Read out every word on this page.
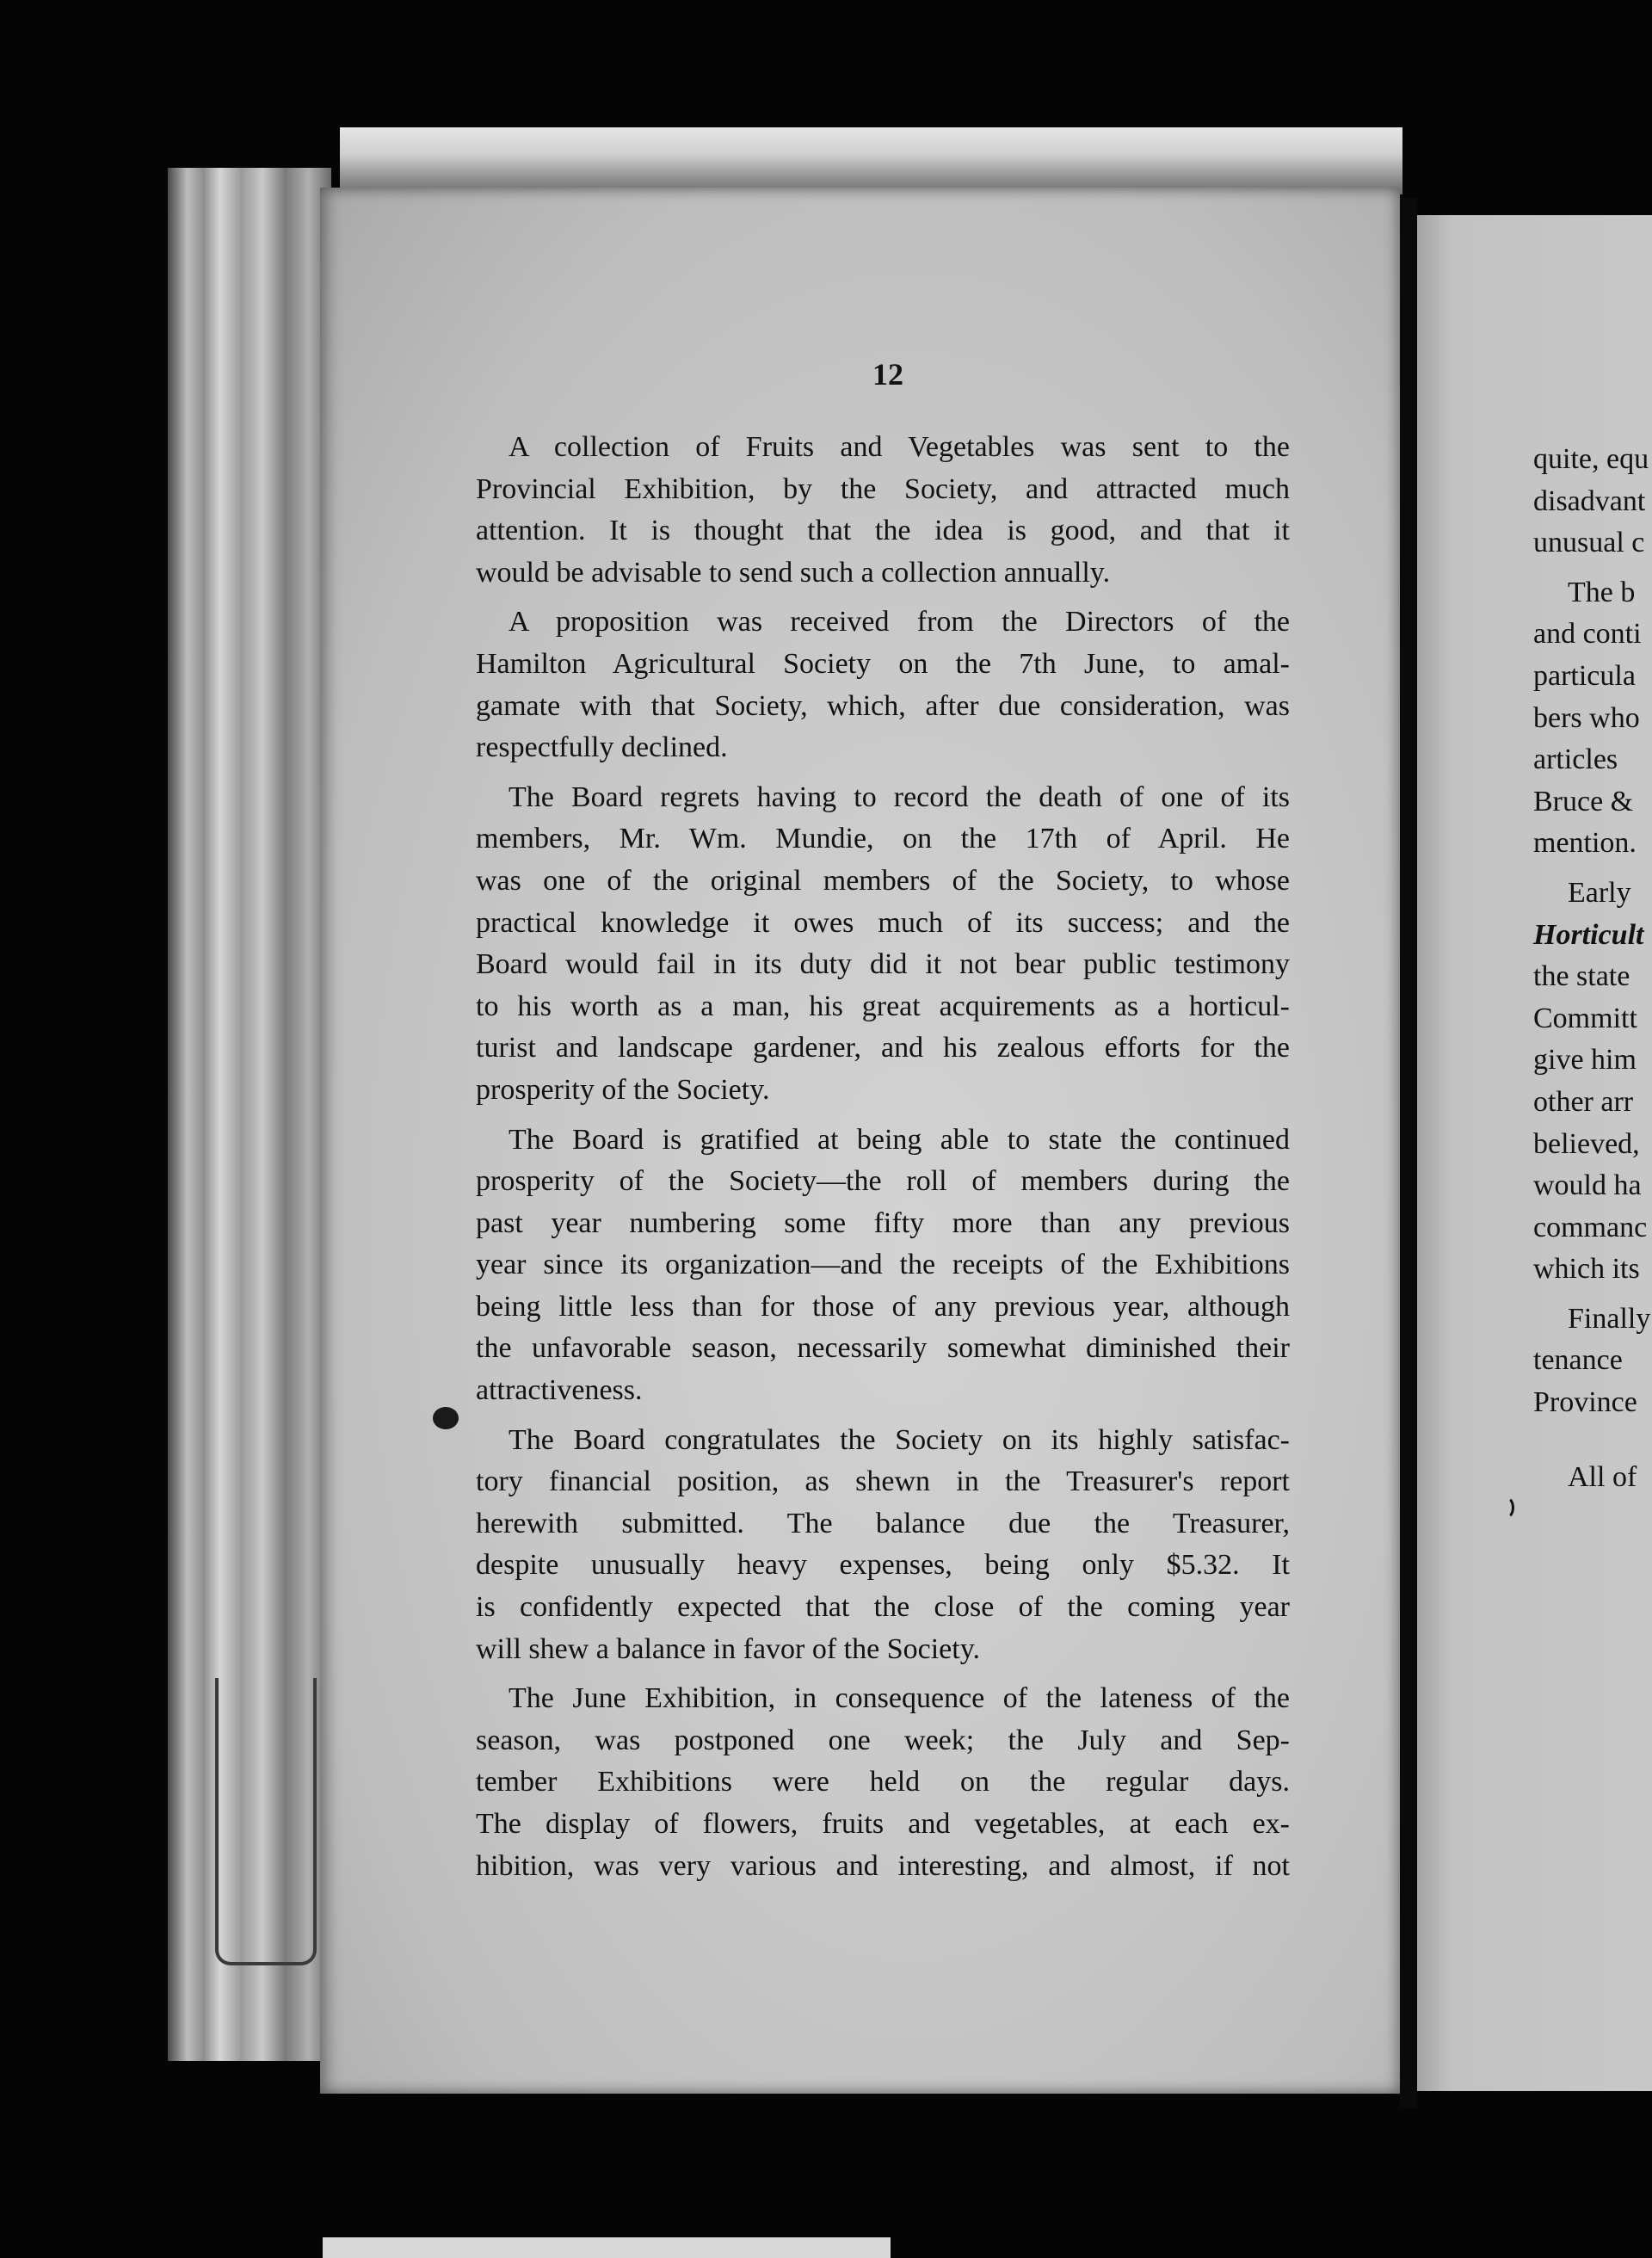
12
A collection of Fruits and Vegetables was sent to the
Provincial Exhibition, by the Society, and attracted much
attention. It is thought that the idea is good, and that it
would be advisable to send such a collection annually.
A proposition was received from the Directors of the
Hamilton Agricultural Society on the 7th June, to amal-
gamate with that Society, which, after due consideration, was
respectfully declined.
The Board regrets having to record the death of one of its
members, Mr. Wm. Mundie, on the 17th of April. He
was one of the original members of the Society, to whose
practical knowledge it owes much of its success; and the
Board would fail in its duty did it not bear public testimony
to his worth as a man, his great acquirements as a horticul-
turist and landscape gardener, and his zealous efforts for the
prosperity of the Society.
The Board is gratified at being able to state the continued
prosperity of the Society—the roll of members during the
past year numbering some fifty more than any previous
year since its organization—and the receipts of the Exhibitions
being little less than for those of any previous year, although
the unfavorable season, necessarily somewhat diminished their
attractiveness.
The Board congratulates the Society on its highly satisfac-
tory financial position, as shewn in the Treasurer's report
herewith submitted. The balance due the Treasurer,
despite unusually heavy expenses, being only $5.32. It
is confidently expected that the close of the coming year
will shew a balance in favor of the Society.
The June Exhibition, in consequence of the lateness of the
season, was postponed one week; the July and Sep-
tember Exhibitions were held on the regular days.
The display of flowers, fruits and vegetables, at each ex-
hibition, was very various and interesting, and almost, if not
quite, equ
disadvant
unusual c
The b
and conti
particula
bers who
articles
Bruce &
mention.
Early
Horticult
the state
Committ
give him
other arr
believed,
would ha
commanc
which its
Finally
tenance
Province
All of
